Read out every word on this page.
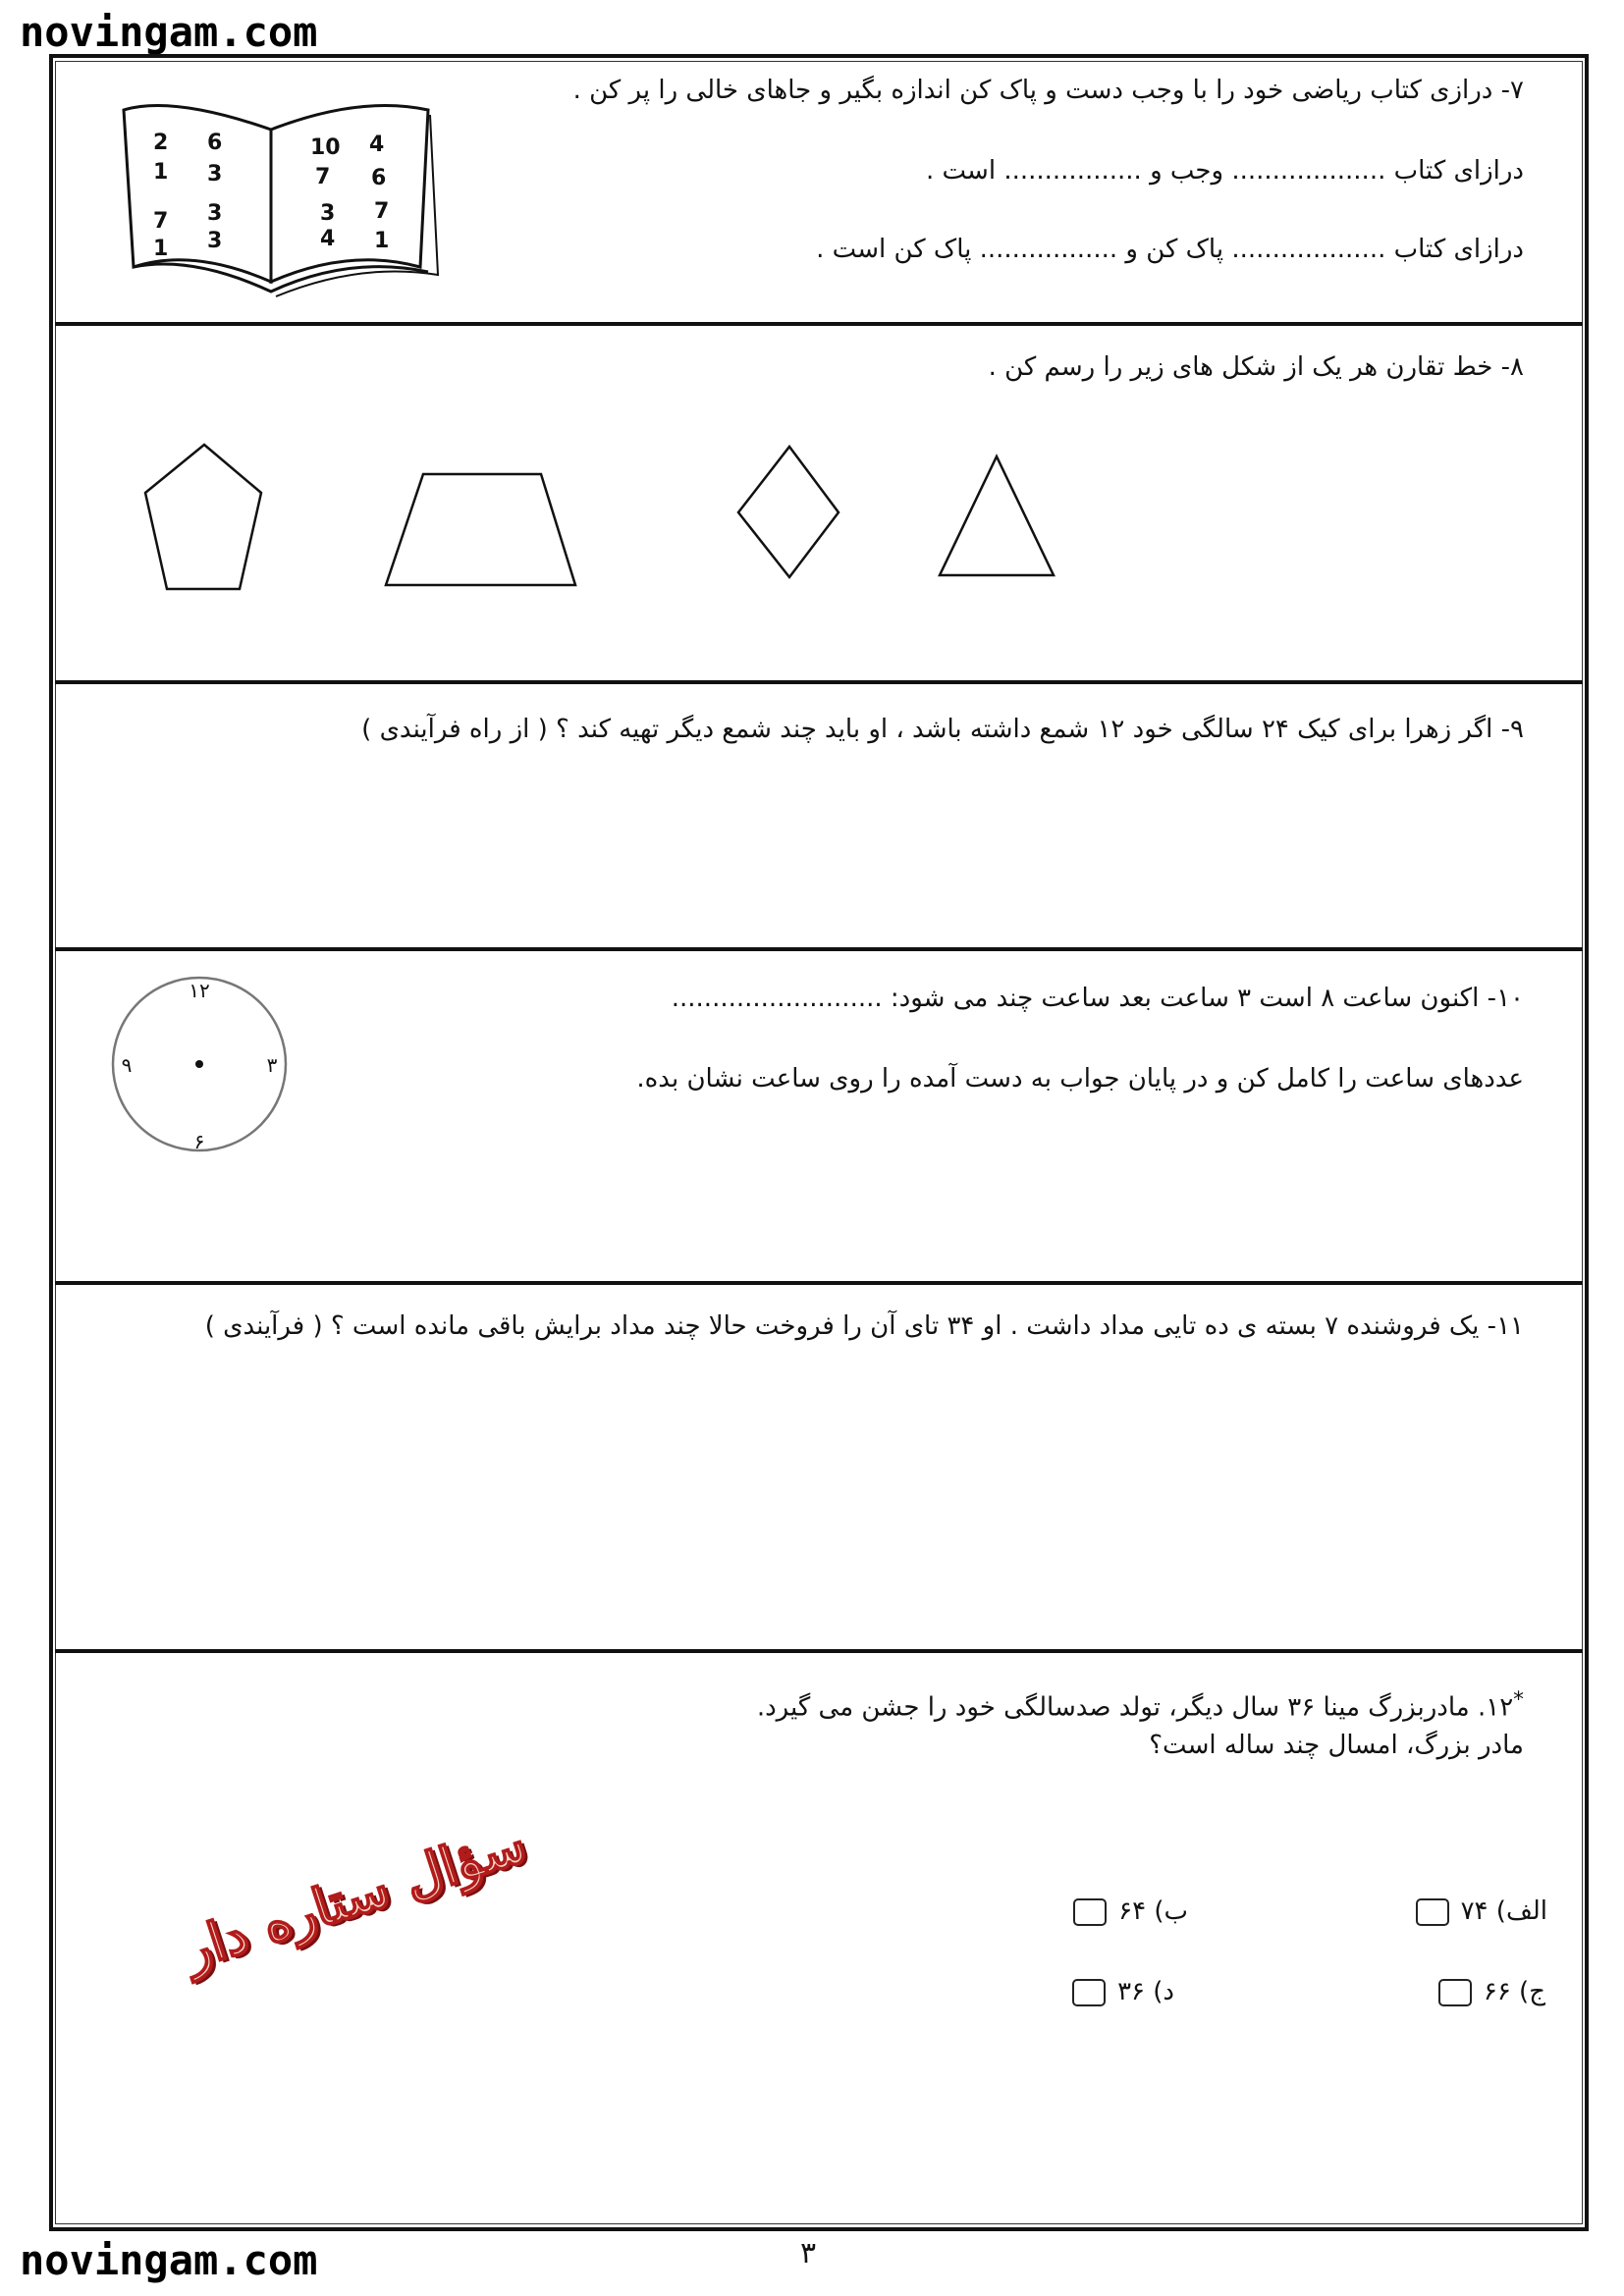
novingam.com
novingam.com	۳
۷- درازی کتاب ریاضی خود را با وجب دست و پاک کن اندازه بگیر و جاهای خالی را پر کن .
درازای کتاب ................... وجب و ................. است .
درازای کتاب ................... پاک کن و ................. پاک کن است .
2 6	10 4
1 3	7 6
7 3	3 7
1 3	4 1
۸- خط تقارن هر یک از شکل های زیر را رسم کن .
۹- اگر زهرا برای کیک ۲۴ سالگی خود ۱۲ شمع داشته باشد ، او باید چند شمع دیگر تهیه کند ؟ ( از راه فرآیندی )
۱۰- اکنون ساعت ۸ است ۳ ساعت بعد ساعت چند می شود: ..........................
عددهای ساعت را کامل کن و در پایان جواب به دست آمده را روی ساعت نشان بده.
۱۲
۳
۶
۹
۱۱- یک فروشنده ۷ بسته ی ده تایی مداد داشت . او ۳۴ تای آن را فروخت حالا چند مداد برایش باقی مانده است ؟ ( فرآیندی )
*۱۲. مادربزرگ مینا ۳۶ سال دیگر، تولد صدسالگی خود را جشن می گیرد.
مادر بزرگ، امسال چند ساله است؟
الف) ۷۴
ب) ۶۴
ج) ۶۶
د) ۳۶
سؤال ستاره دار
